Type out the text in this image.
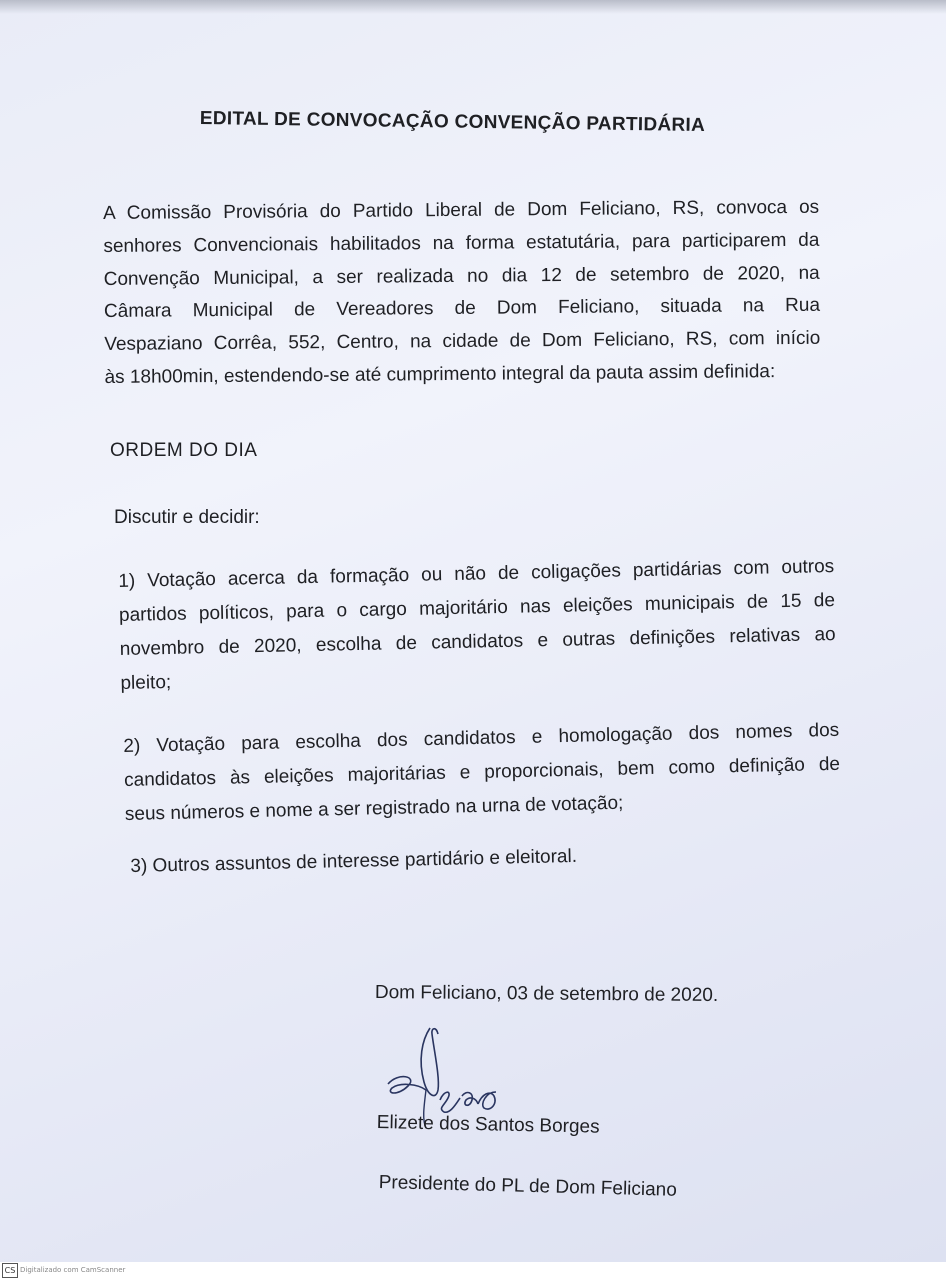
EDITAL DE CONVOCAÇÃO CONVENÇÃO PARTIDÁRIA
A Comissão Provisória do Partido Liberal de Dom Feliciano, RS, convoca os
senhores Convencionais habilitados na forma estatutária, para participarem da
Convenção Municipal, a ser realizada no dia 12 de setembro de 2020, na
Câmara Municipal de Vereadores de Dom Feliciano, situada na Rua
Vespaziano Corrêa, 552, Centro, na cidade de Dom Feliciano, RS, com início
às 18h00min, estendendo-se até cumprimento integral da pauta assim definida:
ORDEM DO DIA
Discutir e decidir:
1) Votação acerca da formação ou não de coligações partidárias com outros
partidos políticos, para o cargo majoritário nas eleições municipais de 15 de
novembro de 2020, escolha de candidatos e outras definições relativas ao
pleito;
2) Votação para escolha dos candidatos e homologação dos nomes dos
candidatos às eleições majoritárias e proporcionais, bem como definição de
seus números e nome a ser registrado na urna de votação;
3) Outros assuntos de interesse partidário e eleitoral.
Dom Feliciano, 03 de setembro de 2020.
Elizete dos Santos Borges
Presidente do PL de Dom Feliciano
CS Digitalizado com CamScanner
